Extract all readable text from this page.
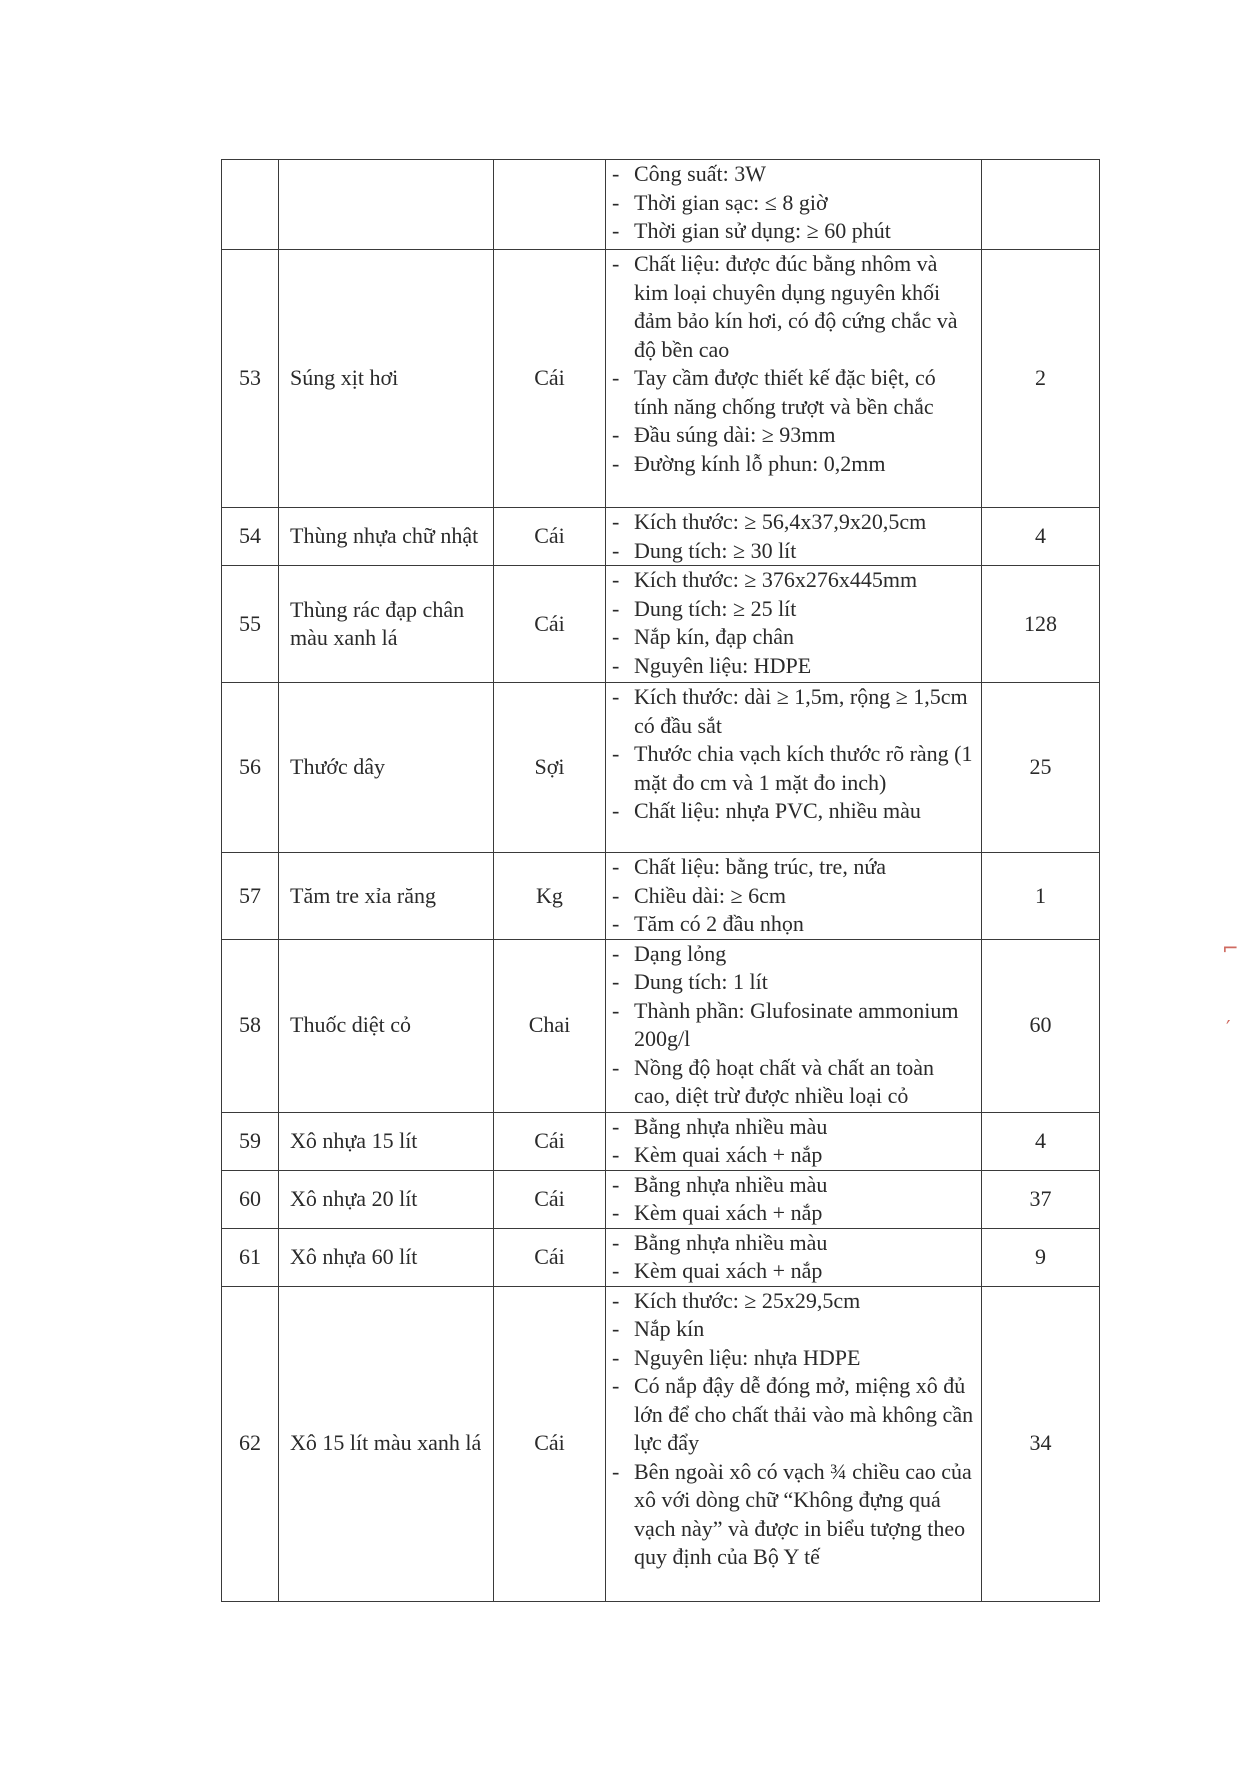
			-Công suất: 3W
-Thời gian sạc: ≤ 8 giờ
-Thời gian sử dụng: ≥ 60 phút	

53	Súng xịt hơi	Cái	-Chất liệu: được đúc bằng nhôm và kim loại chuyên dụng nguyên khối đảm bảo kín hơi, có độ cứng chắc và độ bền cao
-Tay cầm được thiết kế đặc biệt, có tính năng chống trượt và bền chắc
-Đầu súng dài: ≥ 93mm
-Đường kính lỗ phun: 0,2mm	2
54	Thùng nhựa chữ nhật	Cái	-Kích thước: ≥ 56,4x37,9x20,5cm
-Dung tích: ≥ 30 lít	4
55	Thùng rác đạp chân màu xanh lá	Cái	-Kích thước: ≥ 376x276x445mm
-Dung tích: ≥ 25 lít
-Nắp kín, đạp chân
-Nguyên liệu: HDPE	128
56	Thước dây	Sợi	-Kích thước: dài ≥ 1,5m, rộng ≥ 1,5cm có đầu sắt
-Thước chia vạch kích thước rõ ràng (1 mặt đo cm và 1 mặt đo inch)
-Chất liệu: nhựa PVC, nhiều màu	25
57	Tăm tre xỉa răng	Kg	-Chất liệu: bằng trúc, tre, nứa
-Chiều dài: ≥ 6cm
-Tăm có 2 đầu nhọn	1
58	Thuốc diệt cỏ	Chai	-Dạng lỏng
-Dung tích: 1 lít
-Thành phần: Glufosinate ammonium 200g/l
-Nồng độ hoạt chất và chất an toàn cao, diệt trừ được nhiều loại cỏ	60
59	Xô nhựa 15 lít	Cái	-Bằng nhựa nhiều màu
-Kèm quai xách + nắp	4
60	Xô nhựa 20 lít	Cái	-Bằng nhựa nhiều màu
-Kèm quai xách + nắp	37
61	Xô nhựa 60 lít	Cái	-Bằng nhựa nhiều màu
-Kèm quai xách + nắp	9
62	Xô 15 lít màu xanh lá	Cái	-Kích thước: ≥ 25x29,5cm
-Nắp kín
-Nguyên liệu: nhựa HDPE
-Có nắp đậy dễ đóng mở, miệng xô đủ lớn để cho chất thải vào mà không cần lực đẩy
-Bên ngoài xô có vạch ¾ chiều cao của xô với dòng chữ “Không đựng quá vạch này” và được in biểu tượng theo quy định của Bộ Y tế	34
⌐
′
